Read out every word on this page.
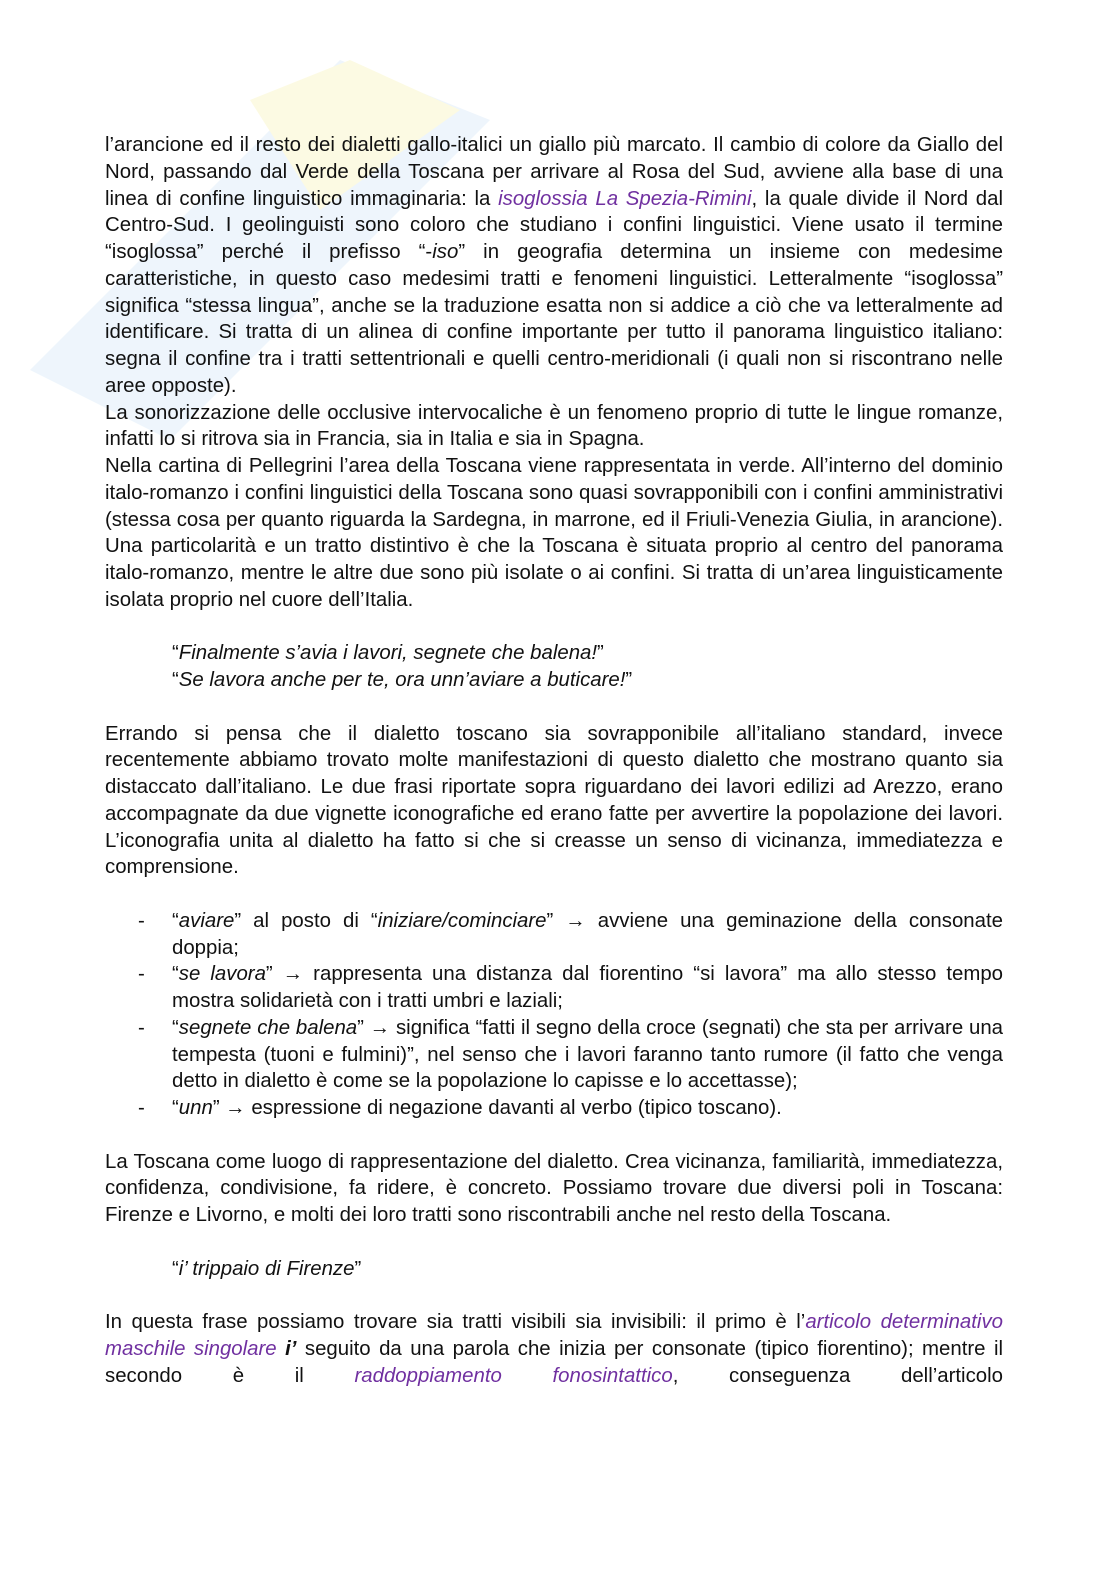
l’arancione ed il resto dei dialetti gallo-italici un giallo più marcato. Il cambio di colore da Giallo del Nord, passando dal Verde della Toscana per arrivare al Rosa del Sud, avviene alla base di una linea di confine linguistico immaginaria: la isoglossia La Spezia-Rimini, la quale divide il Nord dal Centro-Sud. I geolinguisti sono coloro che studiano i confini linguistici. Viene usato il termine “isoglossa” perché il prefisso “-iso” in geografia determina un insieme con medesime caratteristiche, in questo caso medesimi tratti e fenomeni linguistici. Letteralmente “isoglossa” significa “stessa lingua”, anche se la traduzione esatta non si addice a ciò che va letteralmente ad identificare. Si tratta di un alinea di confine importante per tutto il panorama linguistico italiano: segna il confine tra i tratti settentrionali e quelli centro-meridionali (i quali non si riscontrano nelle aree opposte).

La sonorizzazione delle occlusive intervocaliche è un fenomeno proprio di tutte le lingue romanze, infatti lo si ritrova sia in Francia, sia in Italia e sia in Spagna.

Nella cartina di Pellegrini l’area della Toscana viene rappresentata in verde. All’interno del dominio italo-romanzo i confini linguistici della Toscana sono quasi sovrapponibili con i confini amministrativi (stessa cosa per quanto riguarda la Sardegna, in marrone, ed il Friuli-Venezia Giulia, in arancione). Una particolarità e un tratto distintivo è che la Toscana è situata proprio al centro del panorama italo-romanzo, mentre le altre due sono più isolate o ai confini. Si tratta di un’area linguisticamente isolata proprio nel cuore dell’Italia.

“Finalmente s’avia i lavori, segnete che balena!”

“Se lavora anche per te, ora unn’aviare a buticare!”

Errando si pensa che il dialetto toscano sia sovrapponibile all’italiano standard, invece recentemente abbiamo trovato molte manifestazioni di questo dialetto che mostrano quanto sia distaccato dall’italiano. Le due frasi riportate sopra riguardano dei lavori edilizi ad Arezzo, erano accompagnate da due vignette iconografiche ed erano fatte per avvertire la popolazione dei lavori. L’iconografia unita al dialetto ha fatto si che si creasse un senso di vicinanza, immediatezza e comprensione.

- “aviare” al posto di “iniziare/cominciare” → avviene una geminazione della consonate doppia;
- “se lavora” → rappresenta una distanza dal fiorentino “si lavora” ma allo stesso tempo mostra solidarietà con i tratti umbri e laziali;
- “segnete che balena” → significa “fatti il segno della croce (segnati) che sta per arrivare una tempesta (tuoni e fulmini)”, nel senso che i lavori faranno tanto rumore (il fatto che venga detto in dialetto è come se la popolazione lo capisse e lo accettasse);
- “unn” → espressione di negazione davanti al verbo (tipico toscano).

La Toscana come luogo di rappresentazione del dialetto. Crea vicinanza, familiarità, immediatezza, confidenza, condivisione, fa ridere, è concreto. Possiamo trovare due diversi poli in Toscana: Firenze e Livorno, e molti dei loro tratti sono riscontrabili anche nel resto della Toscana.

“i’ trippaio di Firenze”

In questa frase possiamo trovare sia tratti visibili sia invisibili: il primo è l’articolo determinativo maschile singolare i’ seguito da una parola che inizia per consonate (tipico fiorentino); mentre il secondo è il raddoppiamento fonosintattico, conseguenza dell’articolo
